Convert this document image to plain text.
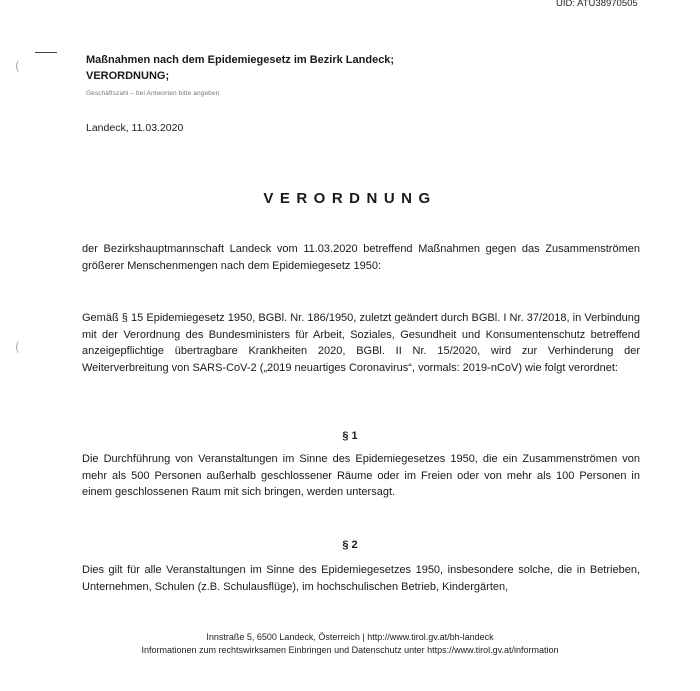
UID: ATU38970505
(
(
Maßnahmen nach dem Epidemiegesetz im Bezirk Landeck;
VERORDNUNG;
Geschäftszahl – bei Antworten bitte angeben
Landeck, 11.03.2020
VERORDNUNG

der Bezirkshauptmannschaft Landeck vom 11.03.2020 betreffend Maßnahmen gegen das Zusammenströmen größerer Menschenmengen nach dem Epidemiegesetz 1950:

Gemäß § 15 Epidemiegesetz 1950, BGBl. Nr. 186/1950, zuletzt geändert durch BGBl. I Nr. 37/2018, in Verbindung mit der Verordnung des Bundesministers für Arbeit, Soziales, Gesundheit und Konsumentenschutz betreffend anzeigepflichtige übertragbare Krankheiten 2020, BGBl. II Nr. 15/2020, wird zur Verhinderung der Weiterverbreitung von SARS-CoV-2 („2019 neuartiges Coronavirus“, vormals: 2019-nCoV) wie folgt verordnet:

§ 1

Die Durchführung von Veranstaltungen im Sinne des Epidemiegesetzes 1950, die ein Zusammenströmen von mehr als 500 Personen außerhalb geschlossener Räume oder im Freien oder von mehr als 100 Personen in einem geschlossenen Raum mit sich bringen, werden untersagt.

§ 2

Dies gilt für alle Veranstaltungen im Sinne des Epidemiegesetzes 1950, insbesondere solche, die in Betrieben, Unternehmen, Schulen (z.B. Schulausflüge), im hochschulischen Betrieb, Kindergärten,

Innstraße 5, 6500 Landeck, Österreich | http://www.tirol.gv.at/bh-landeck
Informationen zum rechtswirksamen Einbringen und Datenschutz unter https://www.tirol.gv.at/information
